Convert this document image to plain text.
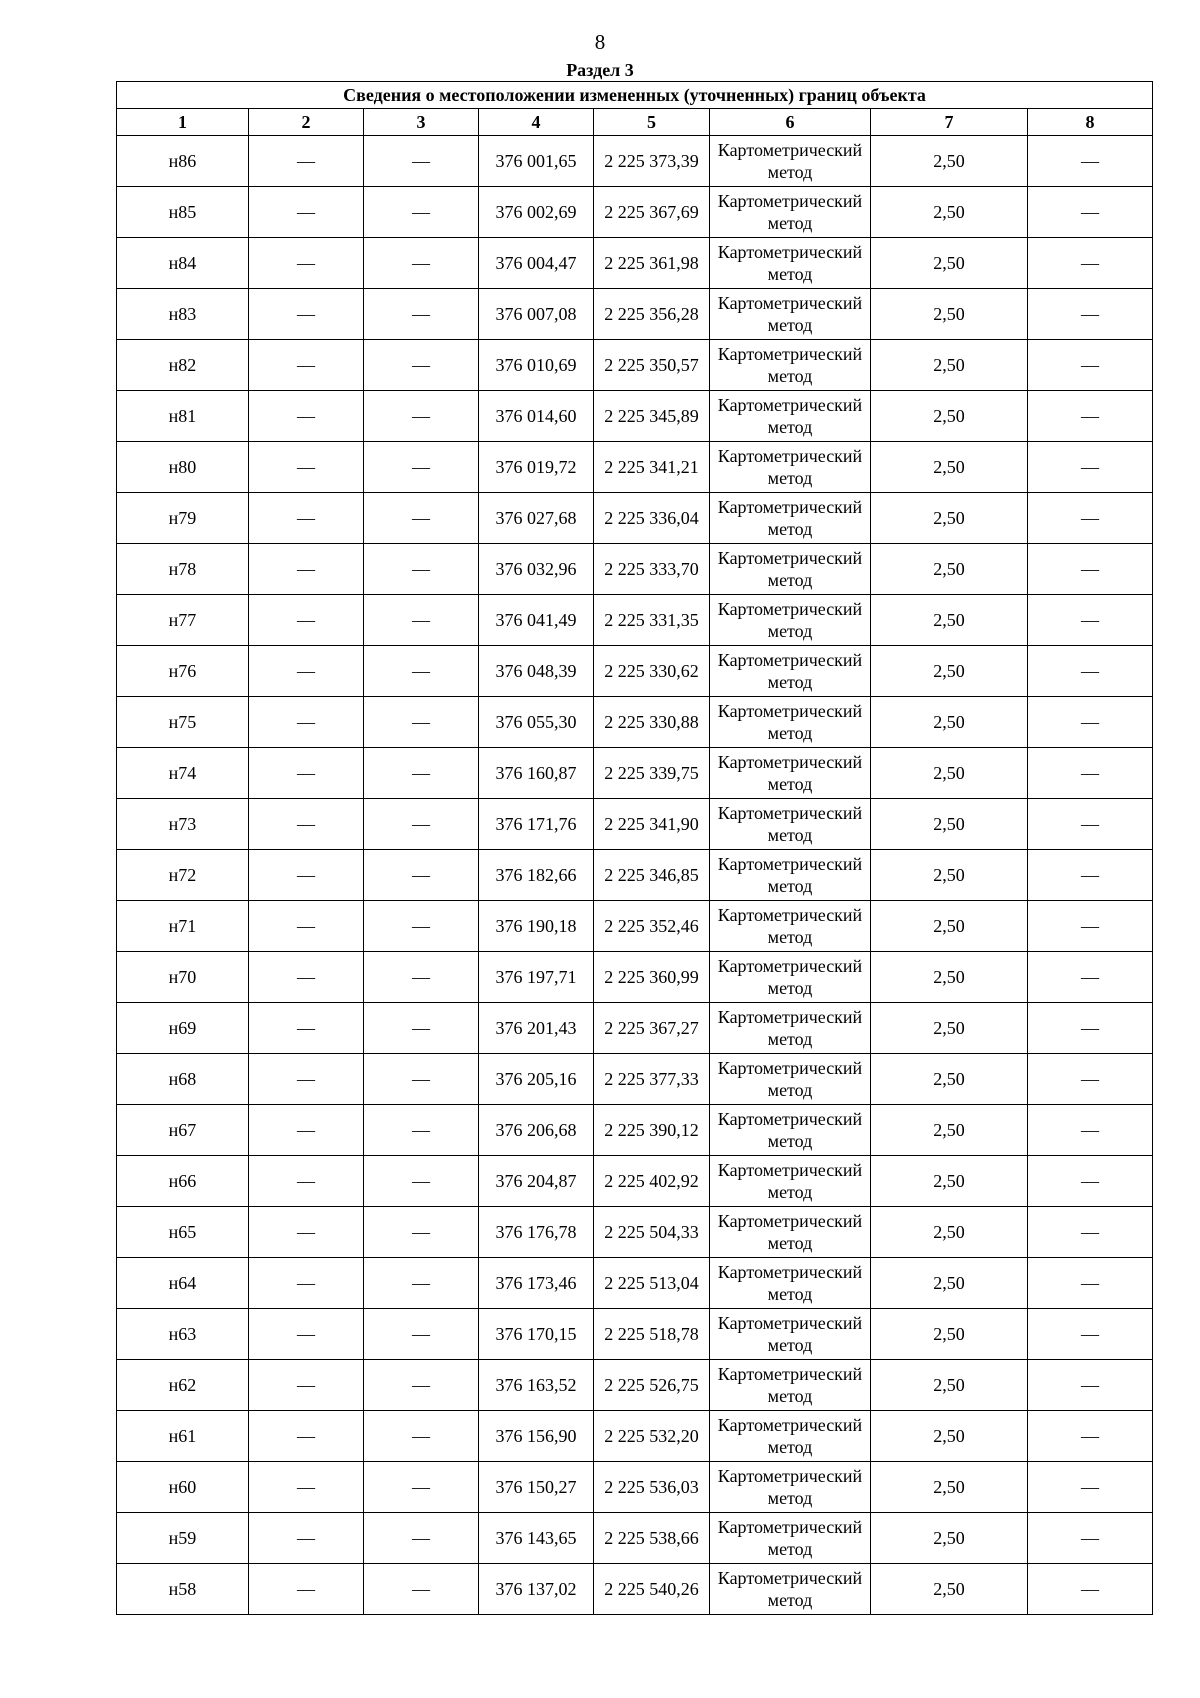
8
Раздел 3
Сведения о местоположении измененных (уточненных) границ объекта							
1	2	3	4	5	6	7	8
н86	—	—	376 001,65	2 225 373,39	Картометрический метод	2,50	—
н85	—	—	376 002,69	2 225 367,69	Картометрический метод	2,50	—
н84	—	—	376 004,47	2 225 361,98	Картометрический метод	2,50	—
н83	—	—	376 007,08	2 225 356,28	Картометрический метод	2,50	—
н82	—	—	376 010,69	2 225 350,57	Картометрический метод	2,50	—
н81	—	—	376 014,60	2 225 345,89	Картометрический метод	2,50	—
н80	—	—	376 019,72	2 225 341,21	Картометрический метод	2,50	—
н79	—	—	376 027,68	2 225 336,04	Картометрический метод	2,50	—
н78	—	—	376 032,96	2 225 333,70	Картометрический метод	2,50	—
н77	—	—	376 041,49	2 225 331,35	Картометрический метод	2,50	—
н76	—	—	376 048,39	2 225 330,62	Картометрический метод	2,50	—
н75	—	—	376 055,30	2 225 330,88	Картометрический метод	2,50	—
н74	—	—	376 160,87	2 225 339,75	Картометрический метод	2,50	—
н73	—	—	376 171,76	2 225 341,90	Картометрический метод	2,50	—
н72	—	—	376 182,66	2 225 346,85	Картометрический метод	2,50	—
н71	—	—	376 190,18	2 225 352,46	Картометрический метод	2,50	—
н70	—	—	376 197,71	2 225 360,99	Картометрический метод	2,50	—
н69	—	—	376 201,43	2 225 367,27	Картометрический метод	2,50	—
н68	—	—	376 205,16	2 225 377,33	Картометрический метод	2,50	—
н67	—	—	376 206,68	2 225 390,12	Картометрический метод	2,50	—
н66	—	—	376 204,87	2 225 402,92	Картометрический метод	2,50	—
н65	—	—	376 176,78	2 225 504,33	Картометрический метод	2,50	—
н64	—	—	376 173,46	2 225 513,04	Картометрический метод	2,50	—
н63	—	—	376 170,15	2 225 518,78	Картометрический метод	2,50	—
н62	—	—	376 163,52	2 225 526,75	Картометрический метод	2,50	—
н61	—	—	376 156,90	2 225 532,20	Картометрический метод	2,50	—
н60	—	—	376 150,27	2 225 536,03	Картометрический метод	2,50	—
н59	—	—	376 143,65	2 225 538,66	Картометрический метод	2,50	—
н58	—	—	376 137,02	2 225 540,26	Картометрический метод	2,50	—
